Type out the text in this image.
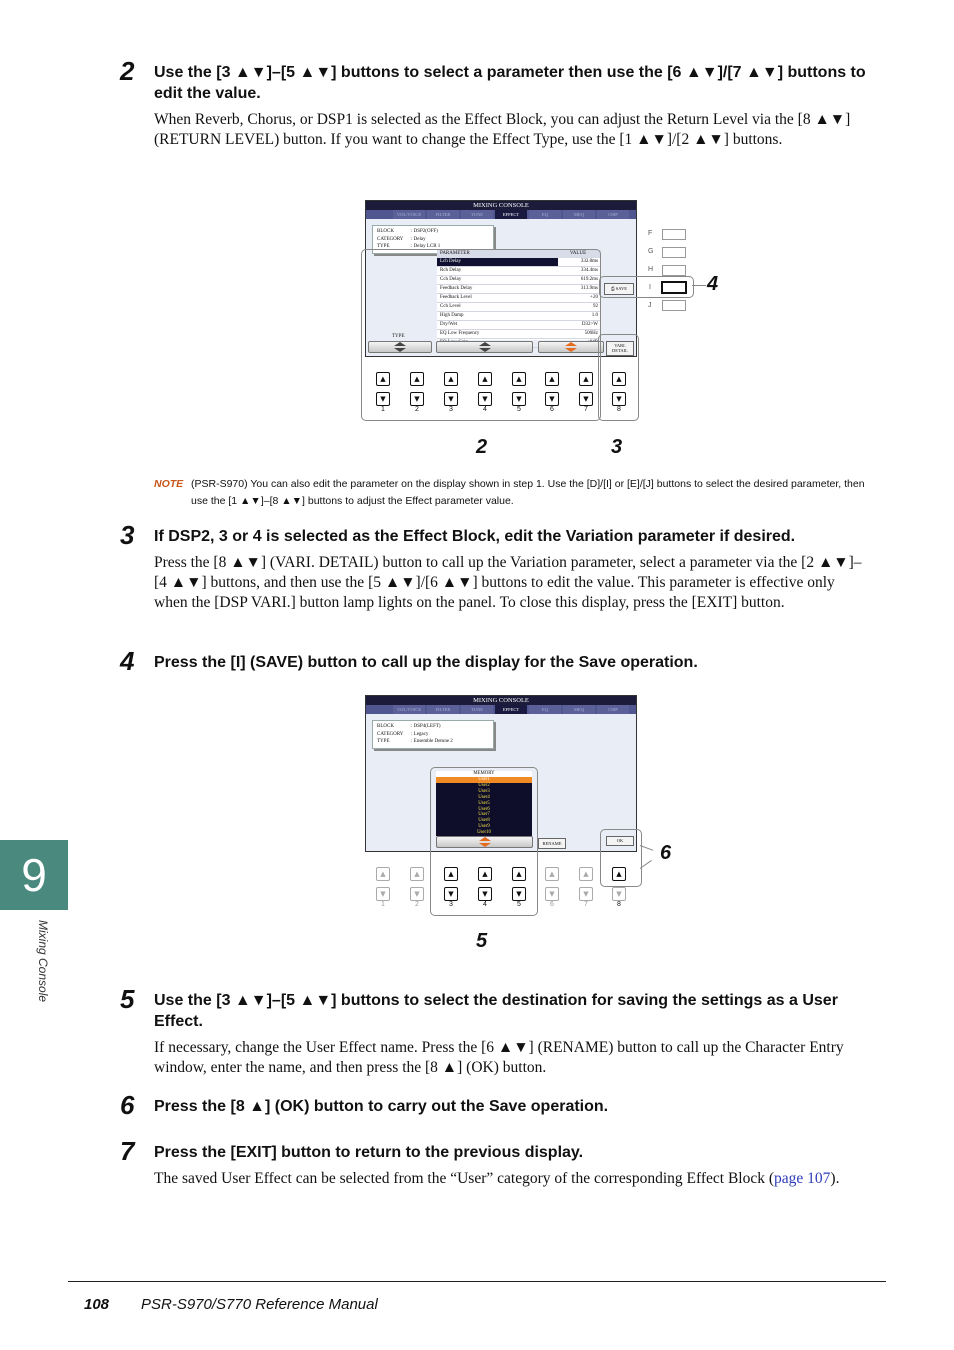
2 Use the [3 ▲▼]–[5 ▲▼] buttons to select a parameter then use the [6 ▲▼]/[7 ▲▼] buttons to edit the value.
When Reverb, Chorus, or DSP1 is selected as the Effect Block, you can adjust the Return Level via the [8 ▲▼] (RETURN LEVEL) button. If you want to change the Effect Type, use the [1 ▲▼]/[2 ▲▼] buttons.
MIXING CONSOLE
VOL/VOICE	FILTER	TUNE	EFFECT	EQ	MEQ	CMP
BLOCK	: DSP2(OFF)
CATEGORY : Delay
TYPE	: Delay LCR 1
PARAMETER	VALUE
Lch Delay	332.0ms
Rch Delay	334.4ms
Cch Delay	619.2ms
Feedback Delay	313.9ms
Feedback Level	+20
Cch Level	92
High Damp	1.0
Dry/Wet	D32>W
EQ Low Frequency	500Hz
TYPE
⎙ SAVE
VARI. DETAIL
F
G
H
I
J
4
▲	▲	▲	▲	▲	▲	▲	▲
▼	▼	▼	▼	▼	▼	▼	▼
1	2	3	4	5	6	7	8
2	3
NOTE (PSR-S970) You can also edit the parameter on the display shown in step 1. Use the [D]/[I] or [E]/[J] buttons to select the desired parameter, then use the [1 ▲▼]–[8 ▲▼] buttons to adjust the Effect parameter value.
3 If DSP2, 3 or 4 is selected as the Effect Block, edit the Variation parameter if desired.
Press the [8 ▲▼] (VARI. DETAIL) button to call up the Variation parameter, select a parameter via the [2 ▲▼]–[4 ▲▼] buttons, and then use the [5 ▲▼]/[6 ▲▼] buttons to edit the value. This parameter is effective only when the [DSP VARI.] button lamp lights on the panel. To close this display, press the [EXIT] button.
4 Press the [I] (SAVE) button to call up the display for the Save operation.
MIXING CONSOLE
VOL/VOICE	FILTER	TUNE	EFFECT	EQ	MEQ	CMP
BLOCK	: DSP4(LEFT)
CATEGORY : Legacy
TYPE	: Ensemble Detune 2
MEMORY
User1
User2
User3
User4
User5
User6
User7
User8
User9
User10
RENAME
OK
6
▲	▲	▲	▲	▲	▲	▲	▲
▼	▼	▼	▼	▼	▼	▼	▼
1	2	3	4	5	6	7	8
5
5 Use the [3 ▲▼]–[5 ▲▼] buttons to select the destination for saving the settings as a User Effect.
If necessary, change the User Effect name. Press the [6 ▲▼] (RENAME) button to call up the Character Entry window, enter the name, and then press the [8 ▲] (OK) button.
6 Press the [8 ▲] (OK) button to carry out the Save operation.
7 Press the [EXIT] button to return to the previous display.
The saved User Effect can be selected from the “User” category of the corresponding Effect Block (page 107).
9
Mixing Console
108 PSR-S970/S770 Reference Manual
